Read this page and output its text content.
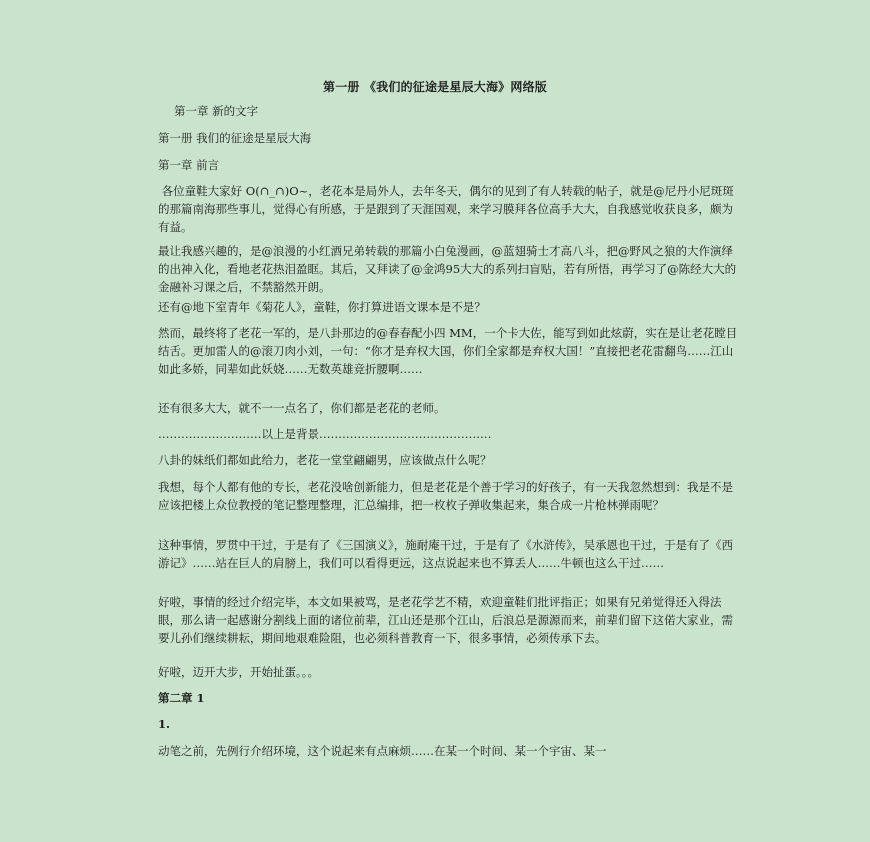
第一册 《我们的征途是星辰大海》网络版
第一章 新的文字
第一册 我们的征途是星辰大海
第一章 前言
各位童鞋大家好 O(∩_∩)O~，老花本是局外人，去年冬天，偶尔的见到了有人转载的帖子，就是@尼丹小尼斑斑的那篇南海那些事儿，觉得心有所感，于是跟到了天涯国观，来学习膜拜各位高手大大，自我感觉收获良多，颇为有益。
最让我感兴趣的，是@浪漫的小红酒兄弟转载的那篇小白兔漫画，@蓝翅骑士才高八斗，把@野风之狼的大作演绎的出神入化，看地老花热泪盈眶。其后，又拜读了@金鸿95大大的系列扫盲贴，若有所悟，再学习了@陈经大大的金融补习课之后，不禁豁然开朗。
还有@地下室青年《菊花人》，童鞋，你打算进语文课本是不是？
然而，最终将了老花一军的，是八卦那边的@春春配小四 MM，一个卡大佐，能写到如此炫蔚，实在是让老花瞠目结舌。更加雷人的@滚刀肉小刘，一句：“你才是弃权大国，你们全家都是弃权大国！”直接把老花雷翻鸟……江山如此多娇，同辈如此妖娆……无数英雄竞折腰啊……
还有很多大大，就不一一点名了，你们都是老花的老师。
………………………以上是背景………………………………………
八卦的妹纸们都如此给力，老花一堂堂翩翩男，应该做点什么呢？
我想，每个人都有他的专长，老花没啥创新能力，但是老花是个善于学习的好孩子，有一天我忽然想到：我是不是应该把楼上众位教授的笔记整理整理，汇总编排，把一枚枚子弹收集起来，集合成一片枪林弹雨呢？
这种事情，罗贯中干过，于是有了《三国演义》，施耐庵干过，于是有了《水浒传》，吴承恩也干过，于是有了《西游记》……站在巨人的肩膀上，我们可以看得更远，这点说起来也不算丢人……牛顿也这么干过……
好啦，事情的经过介绍完毕，本文如果被骂，是老花学艺不精，欢迎童鞋们批评指正；如果有兄弟觉得还入得法眼，那么请一起感谢分割线上面的诸位前辈，江山还是那个江山，后浪总是源源而来，前辈们留下这偌大家业，需要儿孙们继续耕耘，期间地艰难险阻，也必须科普教育一下，很多事情，必须传承下去。
好啦，迈开大步，开始扯蛋。。。
第二章 1
1.
动笔之前，先例行介绍环境，这个说起来有点麻烦……在某一个时间、某一个宇宙、某一
